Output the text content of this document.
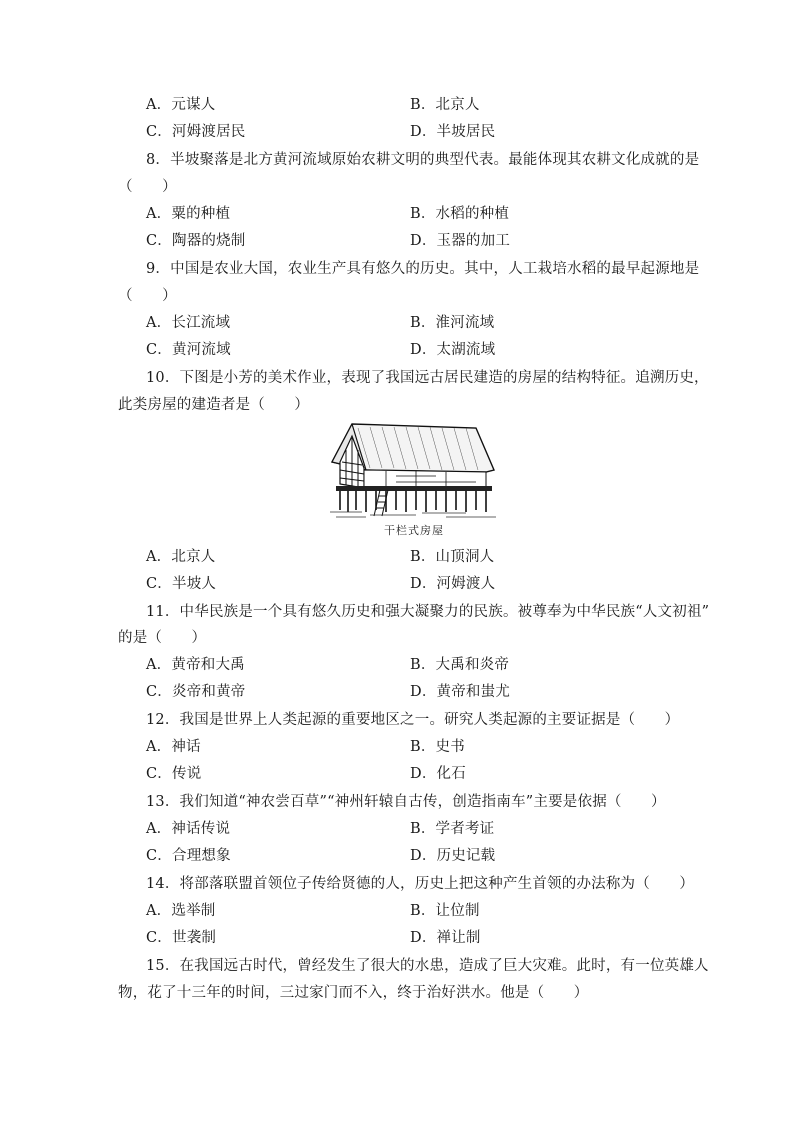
A．元谋人	B．北京人
C．河姆渡居民	D．半坡居民
8．半坡聚落是北方黄河流域原始农耕文明的典型代表。最能体现其农耕文化成就的是
（　　）
A．粟的种植	B．水稻的种植
C．陶器的烧制	D．玉器的加工
9．中国是农业大国，农业生产具有悠久的历史。其中，人工栽培水稻的最早起源地是
（　　）
A．长江流域	B．淮河流域
C．黄河流域	D．太湖流域
10．下图是小芳的美术作业，表现了我国远古居民建造的房屋的结构特征。追溯历史，
此类房屋的建造者是（　　）
干栏式房屋
A．北京人	B．山顶洞人
C．半坡人	D．河姆渡人
11．中华民族是一个具有悠久历史和强大凝聚力的民族。被尊奉为中华民族“人文初祖”
的是（　　）
A．黄帝和大禹	B．大禹和炎帝
C．炎帝和黄帝	D．黄帝和蚩尤
12．我国是世界上人类起源的重要地区之一。研究人类起源的主要证据是（　　）
A．神话	B．史书
C．传说	D．化石
13．我们知道“神农尝百草”“神州轩辕自古传，创造指南车”主要是依据（　　）
A．神话传说	B．学者考证
C．合理想象	D．历史记载
14．将部落联盟首领位子传给贤德的人，历史上把这种产生首领的办法称为（　　）
A．选举制	B．让位制
C．世袭制	D．禅让制
15．在我国远古时代，曾经发生了很大的水患，造成了巨大灾难。此时，有一位英雄人
物，花了十三年的时间，三过家门而不入，终于治好洪水。他是（　　）
